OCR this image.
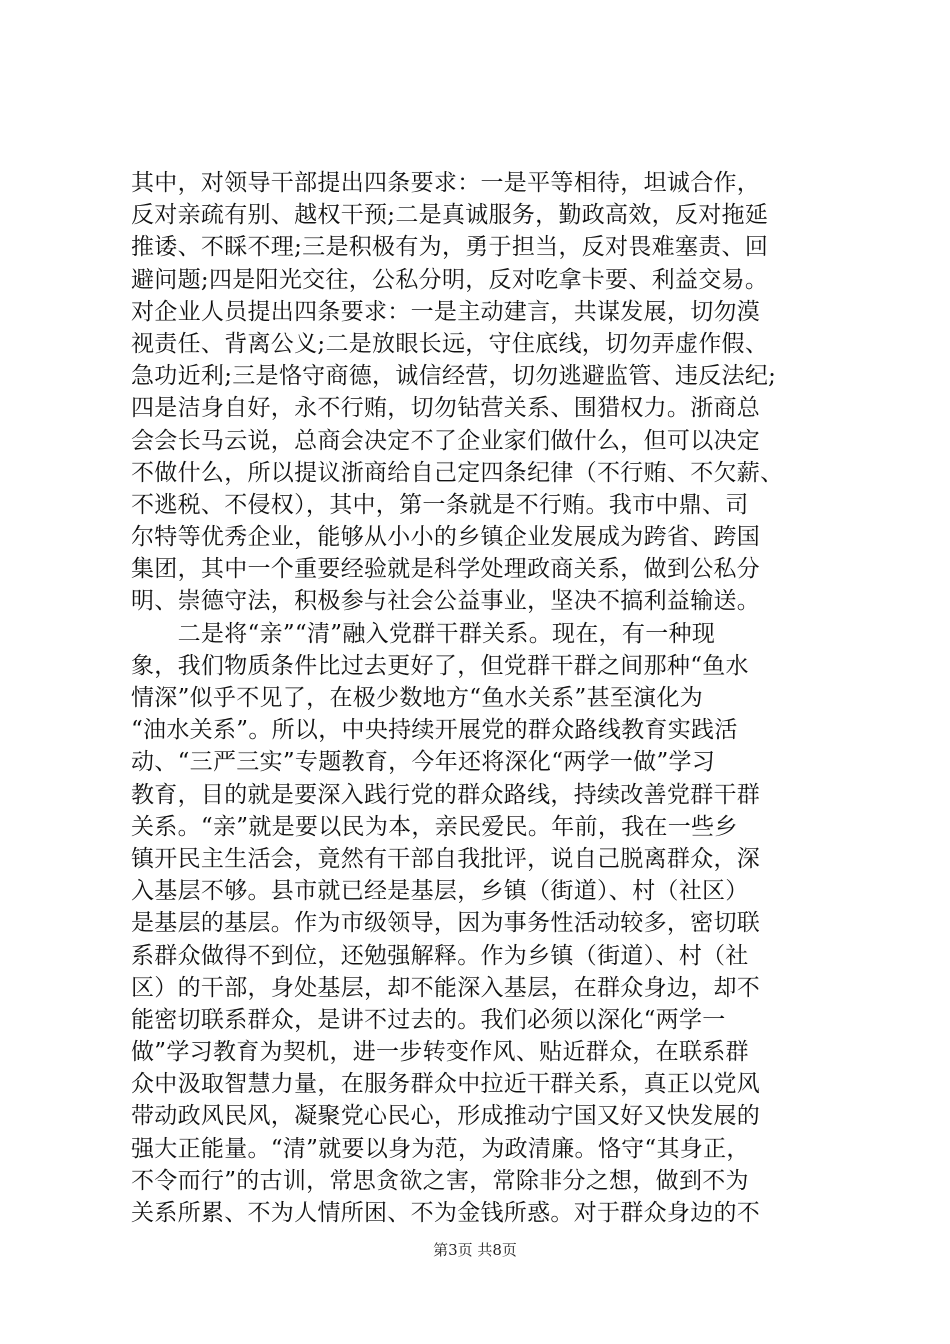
其中，对领导干部提出四条要求：一是平等相待，坦诚合作，
反对亲疏有别、越权干预;二是真诚服务，勤政高效，反对拖延
推诿、不睬不理;三是积极有为，勇于担当，反对畏难塞责、回
避问题;四是阳光交往，公私分明，反对吃拿卡要、利益交易。
对企业人员提出四条要求：一是主动建言，共谋发展，切勿漠
视责任、背离公义;二是放眼长远，守住底线，切勿弄虚作假、
急功近利;三是恪守商德，诚信经营，切勿逃避监管、违反法纪;
四是洁身自好，永不行贿，切勿钻营关系、围猎权力。浙商总
会会长马云说，总商会决定不了企业家们做什么，但可以决定
不做什么，所以提议浙商给自己定四条纪律（不行贿、不欠薪、
不逃税、不侵权），其中，第一条就是不行贿。我市中鼎、司
尔特等优秀企业，能够从小小的乡镇企业发展成为跨省、跨国
集团，其中一个重要经验就是科学处理政商关系，做到公私分
明、崇德守法，积极参与社会公益事业，坚决不搞利益输送。
　　二是将“亲”“清”融入党群干群关系。现在，有一种现
象，我们物质条件比过去更好了，但党群干群之间那种“鱼水
情深”似乎不见了，在极少数地方“鱼水关系”甚至演化为
“油水关系”。所以，中央持续开展党的群众路线教育实践活
动、“三严三实”专题教育，今年还将深化“两学一做”学习
教育，目的就是要深入践行党的群众路线，持续改善党群干群
关系。“亲”就是要以民为本，亲民爱民。年前，我在一些乡
镇开民主生活会，竟然有干部自我批评，说自己脱离群众，深
入基层不够。县市就已经是基层，乡镇（街道）、村（社区）
是基层的基层。作为市级领导，因为事务性活动较多，密切联
系群众做得不到位，还勉强解释。作为乡镇（街道）、村（社
区）的干部，身处基层，却不能深入基层，在群众身边，却不
能密切联系群众，是讲不过去的。我们必须以深化“两学一
做”学习教育为契机，进一步转变作风、贴近群众，在联系群
众中汲取智慧力量，在服务群众中拉近干群关系，真正以党风
带动政风民风，凝聚党心民心，形成推动宁国又好又快发展的
强大正能量。“清”就要以身为范，为政清廉。恪守“其身正，
不令而行”的古训，常思贪欲之害，常除非分之想，做到不为
关系所累、不为人情所困、不为金钱所惑。对于群众身边的不
第3页 共8页
